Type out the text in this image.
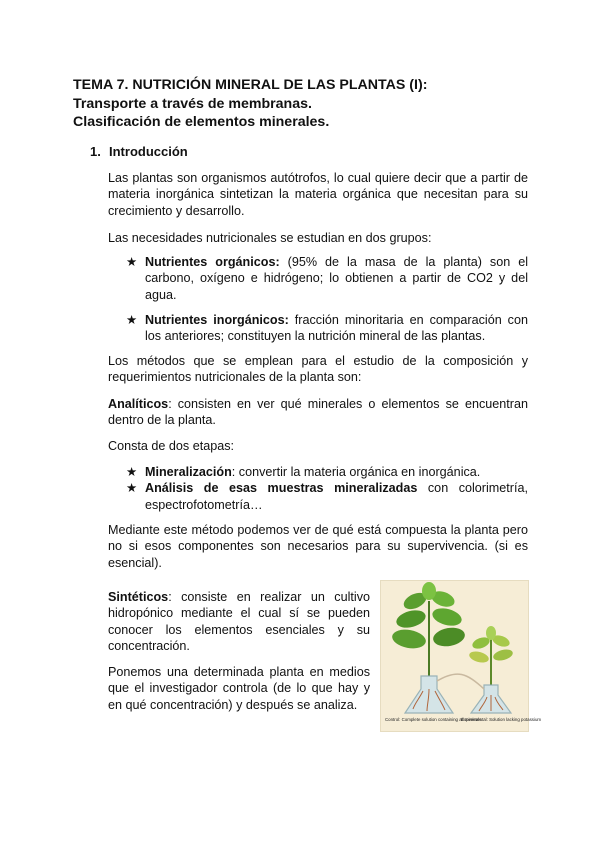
TEMA 7. NUTRICIÓN MINERAL DE LAS PLANTAS (I):
Transporte a través de membranas.
Clasificación de elementos minerales.
1. Introducción
Las plantas son organismos autótrofos, lo cual quiere decir que a partir de materia inorgánica sintetizan la materia orgánica que necesitan para su crecimiento y desarrollo.
Las necesidades nutricionales se estudian en dos grupos:
★ Nutrientes orgánicos: (95% de la masa de la planta) son el carbono, oxígeno e hidrógeno; lo obtienen a partir de CO2 y del agua.
★ Nutrientes inorgánicos: fracción minoritaria en comparación con los anteriores; constituyen la nutrición mineral de las plantas.
Los métodos que se emplean para el estudio de la composición y requerimientos nutricionales de la planta son:
Analíticos: consisten en ver qué minerales o elementos se encuentran dentro de la planta.
Consta de dos etapas:
★ Mineralización: convertir la materia orgánica en inorgánica.
★ Análisis de esas muestras mineralizadas con colorimetría, espectrofotometría…
Mediante este método podemos ver de qué está compuesta la planta pero no si esos componentes son necesarios para su supervivencia. (si es esencial).
Sintéticos: consiste en realizar un cultivo hidropónico mediante el cual sí se pueden conocer los elementos esenciales y su concentración.
Ponemos una determinada planta en medios que el investigador controla (de lo que hay y en qué concentración) y después se analiza.
Control: Complete solution containing all minerals
Experimental: Solution lacking potassium
